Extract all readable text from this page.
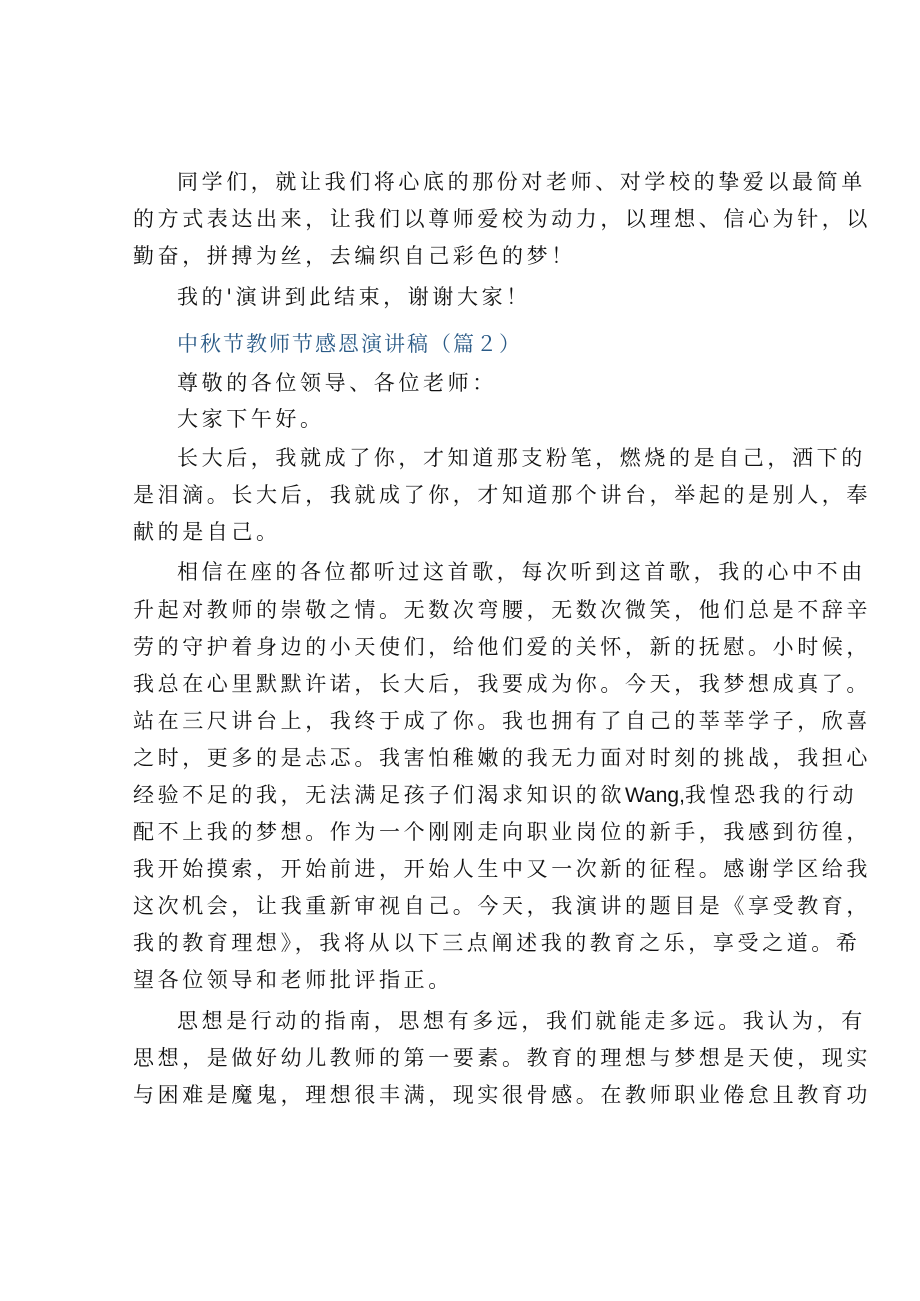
同学们，就让我们将心底的那份对老师、对学校的挚爱以最简单
的方式表达出来，让我们以尊师爱校为动力，以理想、信心为针，以
勤奋，拼搏为丝，去编织自己彩色的梦！
我的'演讲到此结束，谢谢大家！
中秋节教师节感恩演讲稿（篇２）
尊敬的各位领导、各位老师：
大家下午好。
长大后，我就成了你，才知道那支粉笔，燃烧的是自己，洒下的
是泪滴。长大后，我就成了你，才知道那个讲台，举起的是别人，奉
献的是自己。
相信在座的各位都听过这首歌，每次听到这首歌，我的心中不由
升起对教师的崇敬之情。无数次弯腰，无数次微笑，他们总是不辞辛
劳的守护着身边的小天使们，给他们爱的关怀，新的抚慰。小时候，
我总在心里默默许诺，长大后，我要成为你。今天，我梦想成真了。
站在三尺讲台上，我终于成了你。我也拥有了自己的莘莘学子，欣喜
之时，更多的是忐忑。我害怕稚嫩的我无力面对时刻的挑战，我担心
经验不足的我，无法满足孩子们渴求知识的欲Wang,我惶恐我的行动
配不上我的梦想。作为一个刚刚走向职业岗位的新手，我感到彷徨，
我开始摸索，开始前进，开始人生中又一次新的征程。感谢学区给我
这次机会，让我重新审视自己。今天，我演讲的题目是《享受教育，
我的教育理想》，我将从以下三点阐述我的教育之乐，享受之道。希
望各位领导和老师批评指正。
思想是行动的指南，思想有多远，我们就能走多远。我认为，有
思想，是做好幼儿教师的第一要素。教育的理想与梦想是天使，现实
与困难是魔鬼，理想很丰满，现实很骨感。在教师职业倦怠且教育功
